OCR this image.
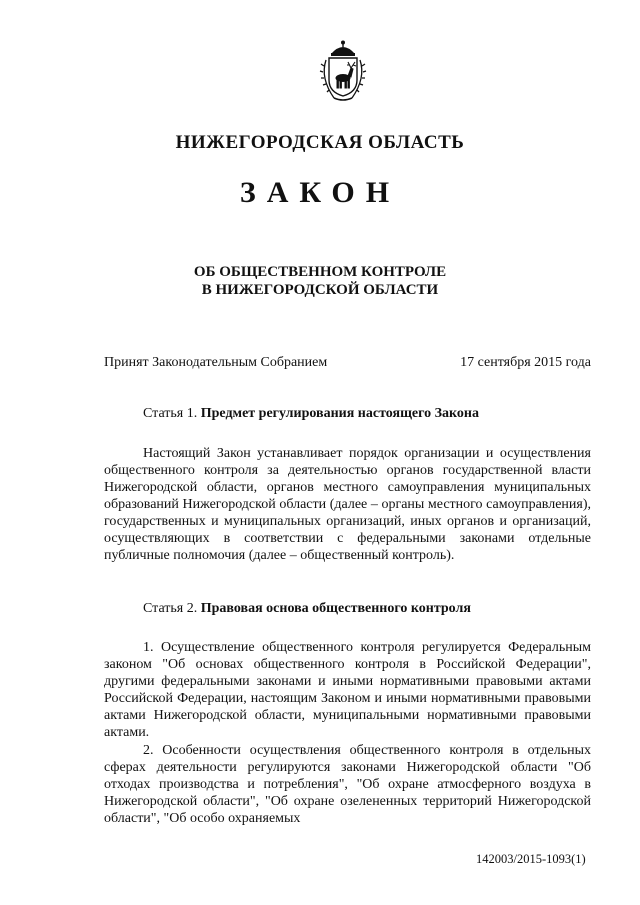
НИЖЕГОРОДСКАЯ ОБЛАСТЬ
ЗАКОН
ОБ ОБЩЕСТВЕННОМ КОНТРОЛЕ
В НИЖЕГОРОДСКОЙ ОБЛАСТИ
Принят Законодательным Собранием	17 сентября 2015 года
Статья 1. Предмет регулирования настоящего Закона

Настоящий Закон устанавливает порядок организации и осуществления общественного контроля за деятельностью органов государственной власти Нижегородской области, органов местного самоуправления муниципальных образований Нижегородской области (далее – органы местного самоуправления), государственных и муниципальных организаций, иных органов и организаций, осуществляющих в соответствии с федеральными законами отдельные публичные полномочия (далее – общественный контроль).

Статья 2. Правовая основа общественного контроля

1. Осуществление общественного контроля регулируется Федеральным законом "Об основах общественного контроля в Российской Федерации", другими федеральными законами и иными нормативными правовыми актами Российской Федерации, настоящим Законом и иными нормативными правовыми актами Нижегородской области, муниципальными нормативными правовыми актами.

2. Особенности осуществления общественного контроля в отдельных сферах деятельности регулируются законами Нижегородской области "Об отходах производства и потребления", "Об охране атмосферного воздуха в Нижегородской области", "Об охране озелененных территорий Нижегородской области", "Об особо охраняемых

142003/2015-1093(1)
